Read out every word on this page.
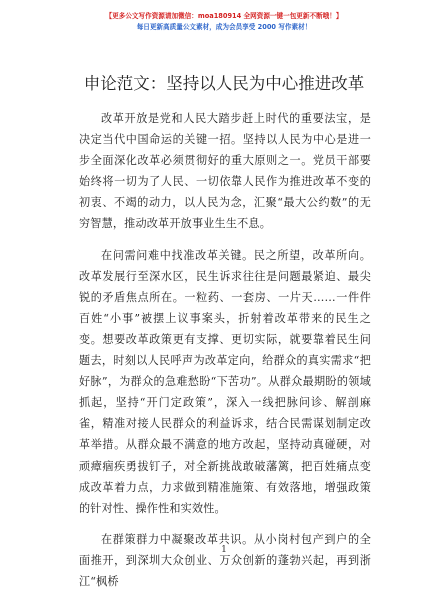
【更多公文写作资源请加微信：moa180914 全网资源一键一包更新不断哦！】
每日更新高质量公文素材，成为会员享受 2000 写作素材！
申论范文：坚持以人民为中心推进改革

改革开放是党和人民大踏步赶上时代的重要法宝，是决定当代中国命运的关键一招。坚持以人民为中心是进一步全面深化改革必须贯彻好的重大原则之一。党员干部要始终将一切为了人民、一切依靠人民作为推进改革不变的初衷、不竭的动力，以人民为念，汇聚“最大公约数”的无穷智慧，推动改革开放事业生生不息。

在问需问难中找准改革关键。民之所望，改革所向。改革发展行至深水区，民生诉求往往是问题最紧迫、最尖锐的矛盾焦点所在。一粒药、一套房、一片天……一件件百姓“小事”被摆上议事案头，折射着改革带来的民生之变。想要改革政策更有支撑、更切实际，就要靠着民生问题去，时刻以人民呼声为改革定向，给群众的真实需求“把好脉”，为群众的急难愁盼“下苦功”。从群众最期盼的领域抓起，坚持“开门定政策”，深入一线把脉问诊、解剖麻雀，精准对接人民群众的利益诉求，结合民需谋划制定改革举措。从群众最不满意的地方改起，坚持动真碰硬，对顽瘴痼疾勇拔钉子，对全新挑战敢破藩篱，把百姓痛点变成改革着力点，力求做到精准施策、有效落地，增强政策的针对性、操作性和实效性。

在群策群力中凝聚改革共识。从小岗村包产到户的全面推开，到深圳大众创业、万众创新的蓬勃兴起，再到浙江“枫桥

1
